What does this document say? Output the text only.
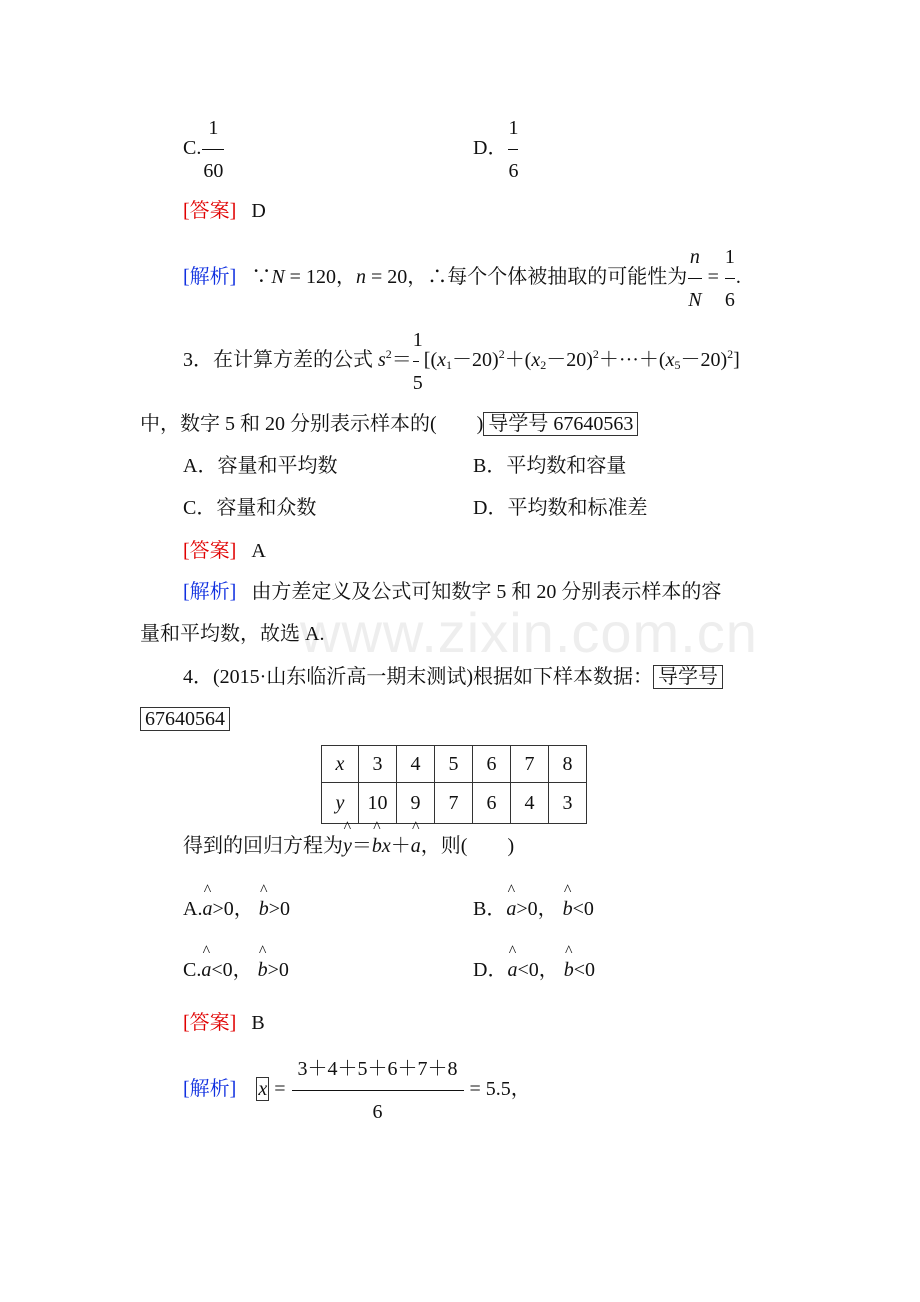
www.zixin.com.cn
C. $\frac{1}{60}$	D． $\frac{1}{6}$
[答案] D
[解析] ∵N = 120，n = 20，∴每个个体被抽取的可能性为 $\frac{n}{N} = \frac{1}{6}$ .
3．在计算方差的公式 $s^2= \frac{1}{5} [(x_1-20)^2+(x_2-20)^2+\cdot\cdot\cdot+(x_5-20)^2]$
中，数字 5 和 20 分别表示样本的(　　) 导学号 67640563
A．容量和平均数	B．平均数和容量
C．容量和众数	D．平均数和标准差
[答案] A
[解析] 由方差定义及公式可知数字 5 和 20 分别表示样本的容
量和平均数，故选 A.
4．(2015·山东临沂高一期末测试)根据如下样本数据： 导学号
67640564
x	3	4	5	6	7	8
y	10	9	7	6	4	3
得到的回归方程为^ y＝^ bx＋^ a，则(　　)
A.^ a>0， ^ b>0	B．^ a>0， ^ b<0
C.^ a<0， ^ b>0	D．^ a<0， ^ b<0
[答案] B
[解析] $x = \frac{3+4+5+6+7+8}{6} = 5.5$，
